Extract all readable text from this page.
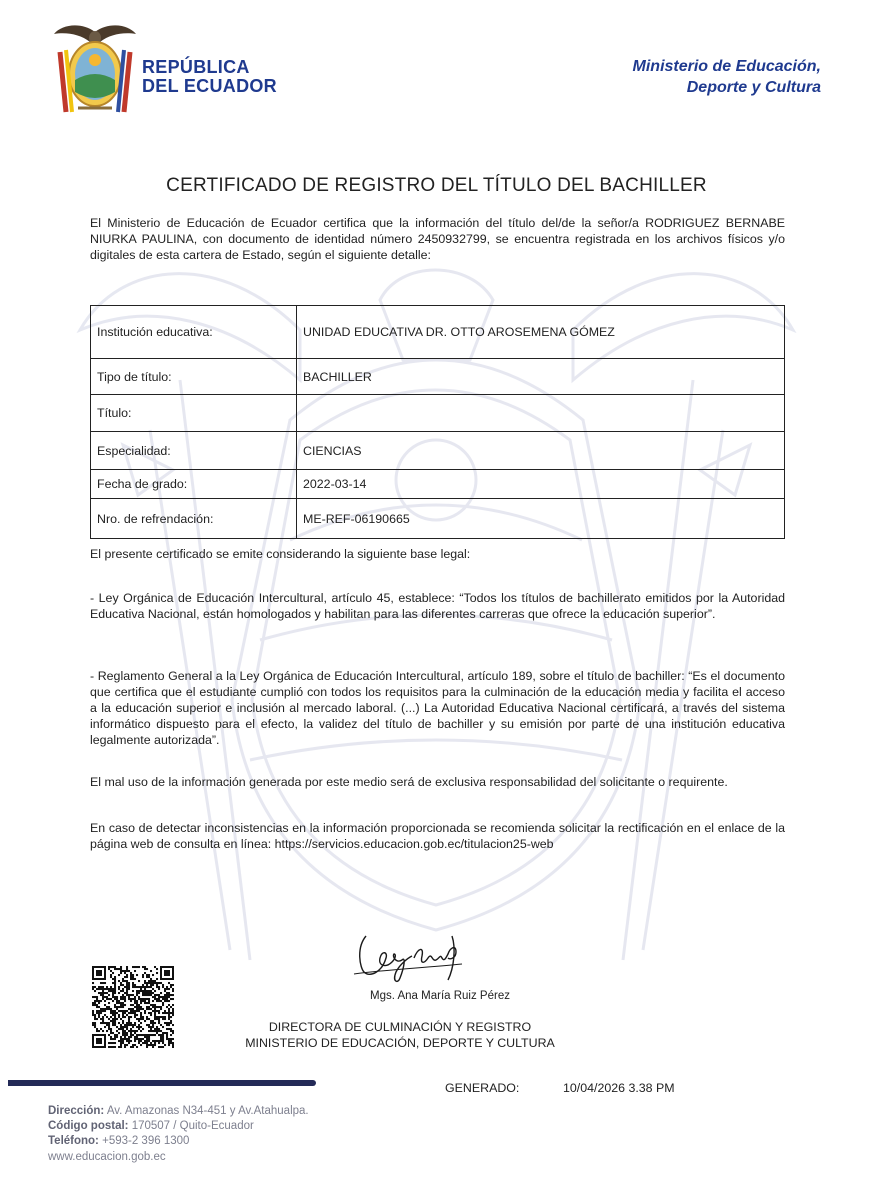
REPÚBLICA
DEL ECUADOR
Ministerio de Educación,
Deporte y Cultura
CERTIFICADO DE REGISTRO DEL TÍTULO DEL BACHILLER
El Ministerio de Educación de Ecuador certifica que la información del título del/de la señor/a RODRIGUEZ BERNABE NIURKA PAULINA, con documento de identidad número 2450932799, se encuentra registrada en los archivos físicos y/o digitales de esta cartera de Estado, según el siguiente detalle:
Institución educativa:	UNIDAD EDUCATIVA DR. OTTO AROSEMENA GÓMEZ
Tipo de título:	BACHILLER
Título:	
Especialidad:	CIENCIAS
Fecha de grado:	2022-03-14
Nro. de refrendación:	ME-REF-06190665
El presente certificado se emite considerando la siguiente base legal:
- Ley Orgánica de Educación Intercultural, artículo 45, establece: “Todos los títulos de bachillerato emitidos por la Autoridad Educativa Nacional, están homologados y habilitan para las diferentes carreras que ofrece la educación superior”.
- Reglamento General a la Ley Orgánica de Educación Intercultural, artículo 189, sobre el título de bachiller: “Es el documento que certifica que el estudiante cumplió con todos los requisitos para la culminación de la educación media y facilita el acceso a la educación superior e inclusión al mercado laboral. (...) La Autoridad Educativa Nacional certificará, a través del sistema informático dispuesto para el efecto, la validez del título de bachiller y su emisión por parte de una institución educativa legalmente autorizada”.
El mal uso de la información generada por este medio será de exclusiva responsabilidad del solicitante o requirente.
En caso de detectar inconsistencias en la información proporcionada se recomienda solicitar la rectificación en el enlace de la página web de consulta en línea: https://servicios.educacion.gob.ec/titulacion25-web
Mgs. Ana María Ruiz Pérez
DIRECTORA DE CULMINACIÓN Y REGISTRO
MINISTERIO DE EDUCACIÓN, DEPORTE Y CULTURA
GENERADO:	10/04/2026 3.38 PM
Dirección: Av. Amazonas N34-451 y Av.Atahualpa.
Código postal: 170507 / Quito-Ecuador
Teléfono: +593-2 396 1300
www.educacion.gob.ec
